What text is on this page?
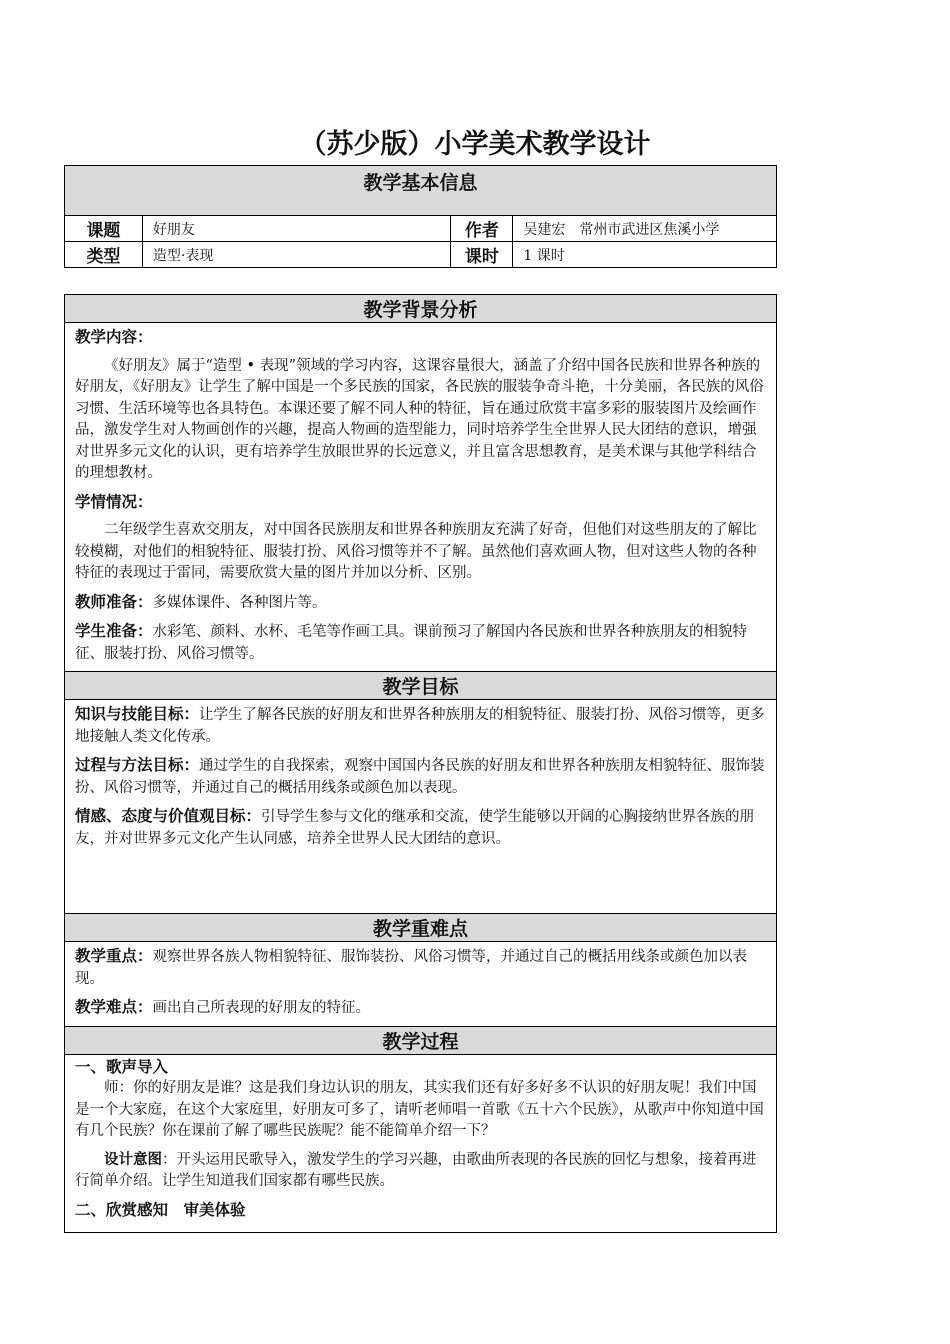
（苏少版）小学美术教学设计
教学基本信息			
课题	好朋友	作者	吴建宏　常州市武进区焦溪小学
类型	造型·表现	课时	1 课时
教学背景分析

教学内容：

《好朋友》属于“造型 • 表现”领域的学习内容，这课容量很大，涵盖了介绍中国各民族和世界各种族的好朋友，《好朋友》让学生了解中国是一个多民族的国家，各民族的服装争奇斗艳，十分美丽，各民族的风俗习惯、生活环境等也各具特色。本课还要了解不同人种的特征，旨在通过欣赏丰富多彩的服装图片及绘画作品，激发学生对人物画创作的兴趣，提高人物画的造型能力，同时培养学生全世界人民大团结的意识，增强对世界多元文化的认识，更有培养学生放眼世界的长远意义，并且富含思想教育，是美术课与其他学科结合的理想教材。

学情情况：

二年级学生喜欢交朋友，对中国各民族朋友和世界各种族朋友充满了好奇，但他们对这些朋友的了解比较模糊，对他们的相貌特征、服装打扮、风俗习惯等并不了解。虽然他们喜欢画人物，但对这些人物的各种特征的表现过于雷同，需要欣赏大量的图片并加以分析、区别。

教师准备：多媒体课件、各种图片等。

学生准备：水彩笔、颜料、水杯、毛笔等作画工具。课前预习了解国内各民族和世界各种族朋友的相貌特征、服装打扮、风俗习惯等。

教学目标

知识与技能目标：让学生了解各民族的好朋友和世界各种族朋友的相貌特征、服装打扮、风俗习惯等，更多地接触人类文化传承。

过程与方法目标：通过学生的自我探索，观察中国国内各民族的好朋友和世界各种族朋友相貌特征、服饰装扮、风俗习惯等，并通过自己的概括用线条或颜色加以表现。

情感、态度与价值观目标：引导学生参与文化的继承和交流，使学生能够以开阔的心胸接纳世界各族的朋友，并对世界多元文化产生认同感，培养全世界人民大团结的意识。

教学重难点

教学重点：观察世界各族人物相貌特征、服饰装扮、风俗习惯等，并通过自己的概括用线条或颜色加以表现。

教学难点：画出自己所表现的好朋友的特征。

教学过程

一、歌声导入

师：你的好朋友是谁？这是我们身边认识的朋友，其实我们还有好多好多不认识的好朋友呢！我们中国是一个大家庭，在这个大家庭里，好朋友可多了，请听老师唱一首歌《五十六个民族》，从歌声中你知道中国有几个民族？你在课前了解了哪些民族呢？能不能简单介绍一下？

设计意图：开头运用民歌导入，激发学生的学习兴趣，由歌曲所表现的各民族的回忆与想象，接着再进行简单介绍。让学生知道我们国家都有哪些民族。

二、欣赏感知　审美体验
